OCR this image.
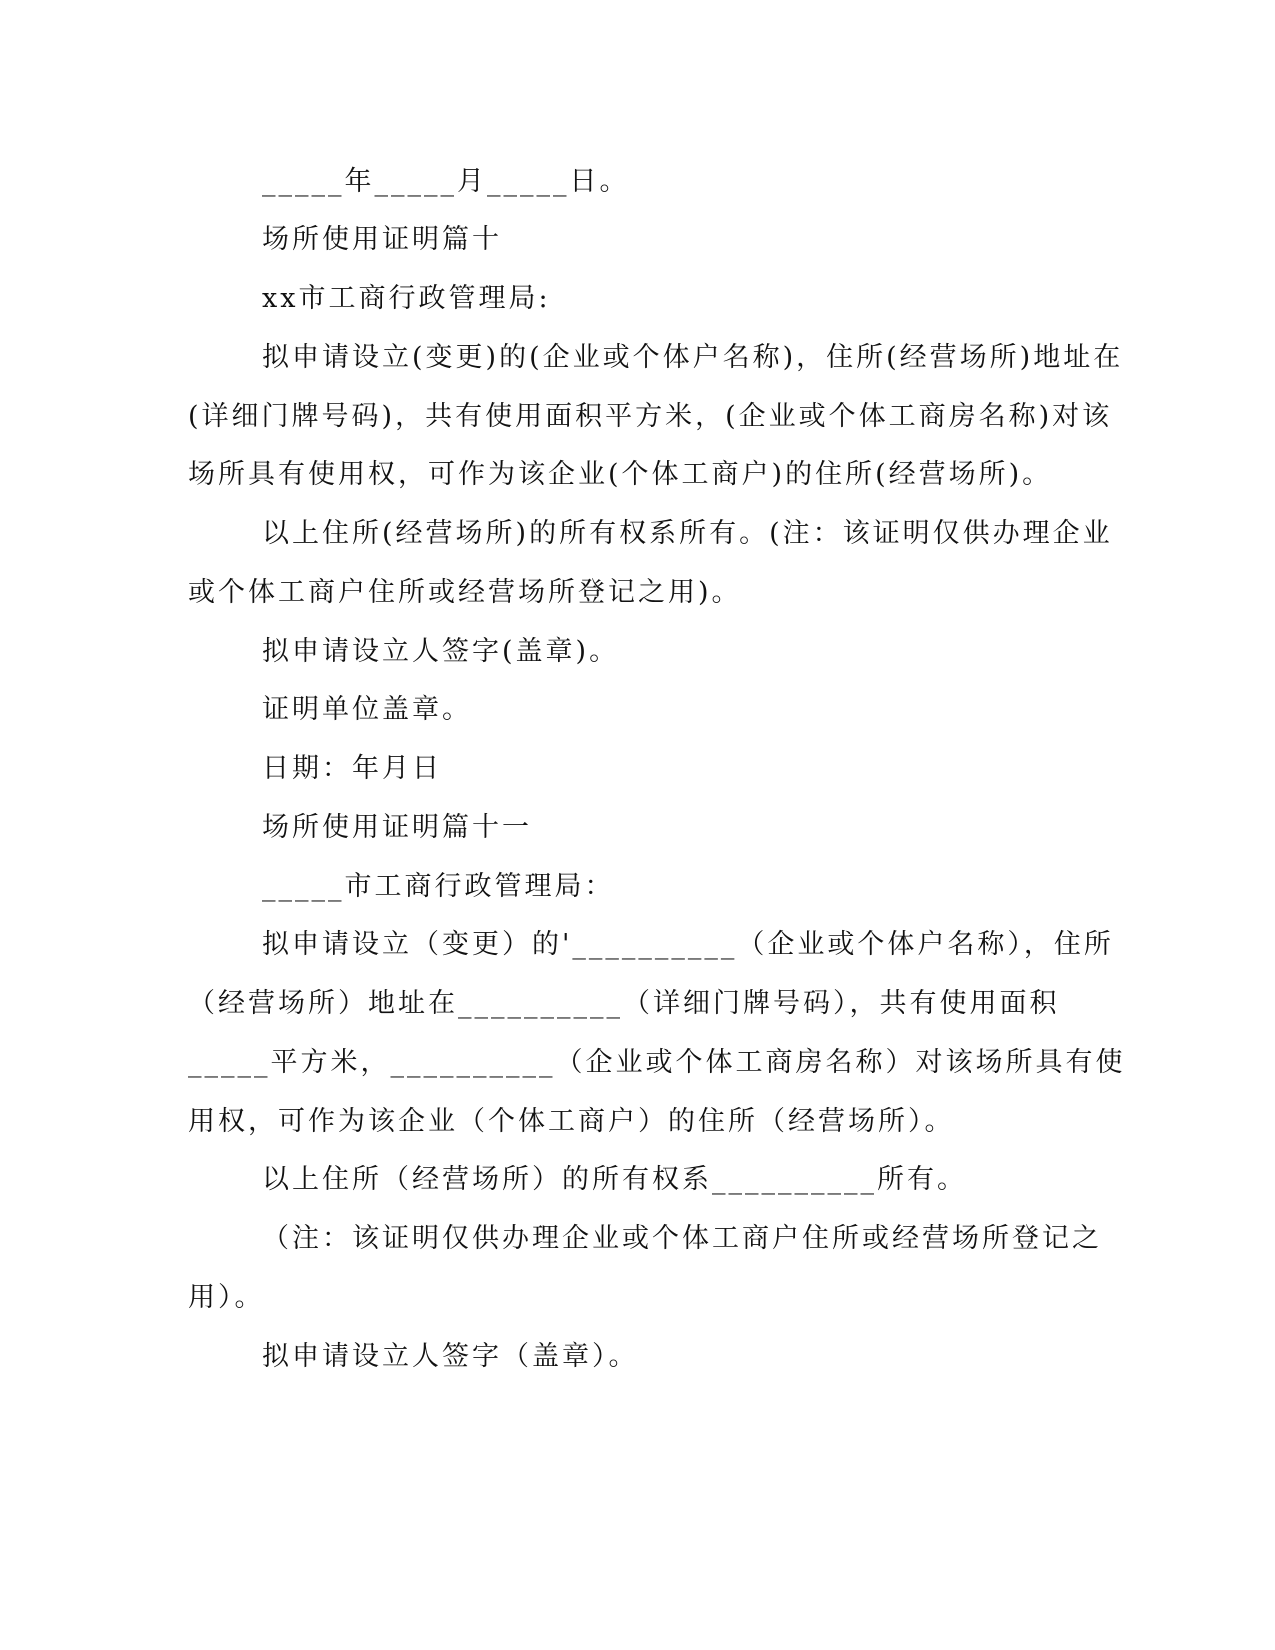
_____年_____月_____日。
场所使用证明篇十
xx市工商行政管理局:
拟申请设立(变更)的(企业或个体户名称)，住所(经营场所)地址在
(详细门牌号码)，共有使用面积平方米，(企业或个体工商房名称)对该
场所具有使用权，可作为该企业(个体工商户)的住所(经营场所)。
以上住所(经营场所)的所有权系所有。(注：该证明仅供办理企业
或个体工商户住所或经营场所登记之用)。
拟申请设立人签字(盖章)。
证明单位盖章。
日期：年月日
场所使用证明篇十一
_____市工商行政管理局：
拟申请设立（变更）的'__________（企业或个体户名称），住所
（经营场所）地址在__________（详细门牌号码），共有使用面积
_____平方米，__________（企业或个体工商房名称）对该场所具有使
用权，可作为该企业（个体工商户）的住所（经营场所）。
以上住所（经营场所）的所有权系__________所有。
（注：该证明仅供办理企业或个体工商户住所或经营场所登记之
用）。
拟申请设立人签字（盖章）。
